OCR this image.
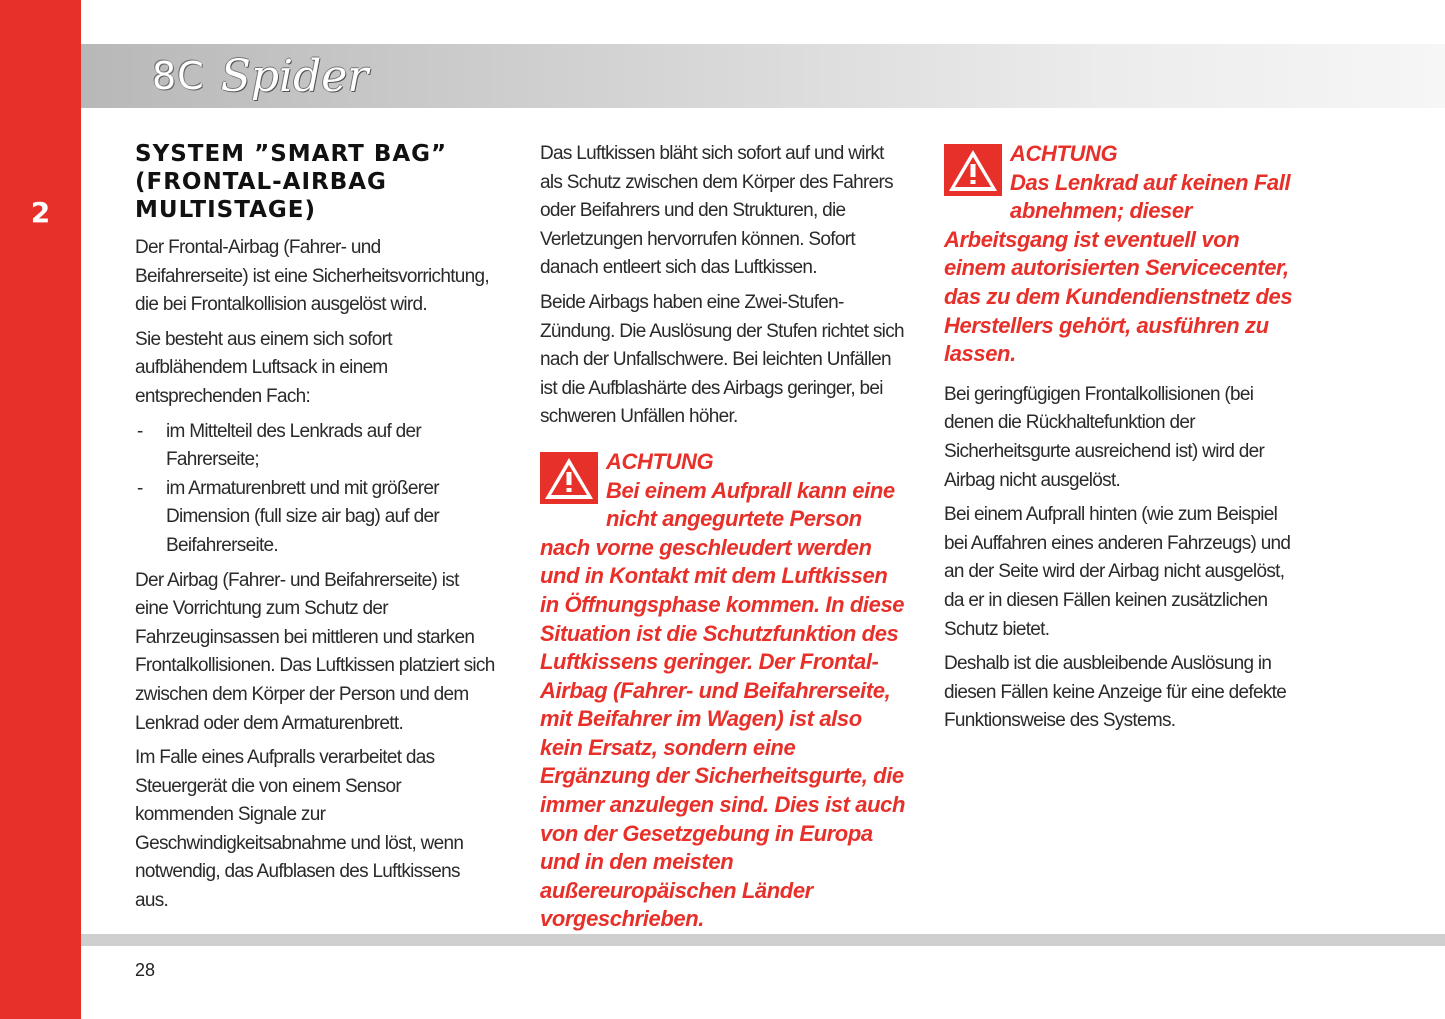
2
8C Spider
SYSTEM ”SMART BAG” (FRONTAL-AIRBAG MULTISTAGE)

Der Frontal-Airbag (Fahrer- und Beifahrerseite) ist eine Sicherheitsvorrichtung, die bei Frontalkollision ausgelöst wird.

Sie besteht aus einem sich sofort aufblähendem Luftsack in einem entsprechenden Fach:

- im Mittelteil des Lenkrads auf der Fahrerseite;
- im Armaturenbrett und mit größerer Dimension (full size air bag) auf der Beifahrerseite.

Der Airbag (Fahrer- und Beifahrerseite) ist eine Vorrichtung zum Schutz der Fahrzeuginsassen bei mittleren und starken Frontalkollisionen. Das Luftkissen platziert sich zwischen dem Körper der Person und dem Lenkrad oder dem Armaturenbrett.

Im Falle eines Aufpralls verarbeitet das Steuergerät die von einem Sensor kommenden Signale zur Geschwindigkeitsabnahme und löst, wenn notwendig, das Aufblasen des Luftkissens aus.

Das Luftkissen bläht sich sofort auf und wirkt als Schutz zwischen dem Körper des Fahrers oder Beifahrers und den Strukturen, die Verletzungen hervorrufen können. Sofort danach entleert sich das Luftkissen.

Beide Airbags haben eine Zwei-Stufen-Zündung. Die Auslösung der Stufen richtet sich nach der Unfallschwere. Bei leichten Unfällen ist die Aufblashärte des Airbags geringer, bei schweren Unfällen höher.

ACHTUNG
Bei einem Aufprall kann eine nicht angegurtete Person nach vorne geschleudert werden und in Kontakt mit dem Luftkissen in Öffnungsphase kommen. In diese Situation ist die Schutzfunktion des Luftkissens geringer. Der Frontal-Airbag (Fahrer- und Beifahrerseite, mit Beifahrer im Wagen) ist also kein Ersatz, sondern eine Ergänzung der Sicherheitsgurte, die immer anzulegen sind. Dies ist auch von der Gesetzgebung in Europa und in den meisten außereuropäischen Länder vorgeschrieben.
ACHTUNG
Das Lenkrad auf keinen Fall abnehmen; dieser Arbeitsgang ist eventuell von einem autorisierten Servicecenter, das zu dem Kundendienstnetz des Herstellers gehört, ausführen zu lassen.

Bei geringfügigen Frontalkollisionen (bei denen die Rückhaltefunktion der Sicherheitsgurte ausreichend ist) wird der Airbag nicht ausgelöst.

Bei einem Aufprall hinten (wie zum Beispiel bei Auffahren eines anderen Fahrzeugs) und an der Seite wird der Airbag nicht ausgelöst, da er in diesen Fällen keinen zusätzlichen Schutz bietet.

Deshalb ist die ausbleibende Auslösung in diesen Fällen keine Anzeige für eine defekte Funktionsweise des Systems.

28
